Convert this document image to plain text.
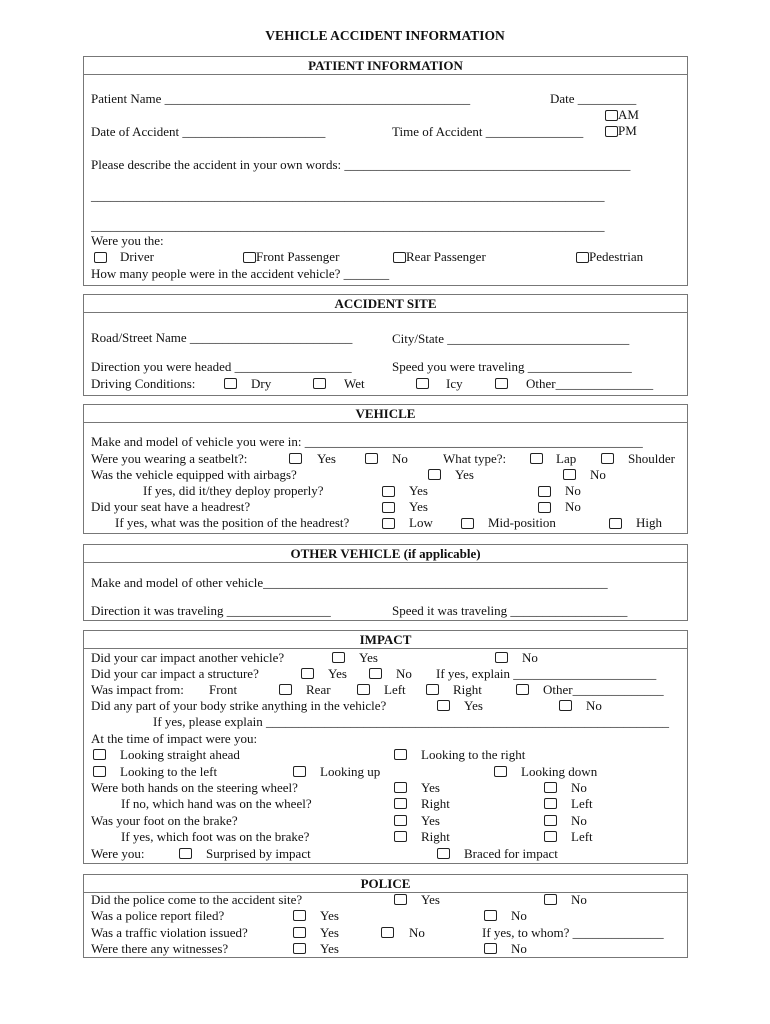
VEHICLE ACCIDENT INFORMATION
PATIENT INFORMATION
Patient Name _______________________________________________	Date _________
AM
Date of Accident ______________________	Time of Accident _______________	PM
Please describe the accident in your own words: ____________________________________________
_______________________________________________________________________________
_______________________________________________________________________________
Were you the:
Driver	Front Passenger	Rear Passenger	Pedestrian
How many people were in the accident vehicle? _______
ACCIDENT SITE
Road/Street Name _________________________	City/State ____________________________
Direction you were headed __________________	Speed you were traveling ________________
Driving Conditions:	Dry	Wet	Icy	Other_______________
VEHICLE
Make and model of vehicle you were in: ____________________________________________________
Were you wearing a seatbelt?:	Yes	No	What type?:	Lap	Shoulder
Was the vehicle equipped with airbags?	Yes	No
If yes, did it/they deploy properly?	Yes	No
Did your seat have a headrest?	Yes	No
If yes, what was the position of the headrest?	Low	Mid-position	High
OTHER VEHICLE (if applicable)
Make and model of other vehicle_____________________________________________________
Direction it was traveling ________________	Speed it was traveling __________________
IMPACT
Did your car impact another vehicle?	Yes	No
Did your car impact a structure?	Yes	No If yes, explain ______________________
Was impact from: Front	Rear	Left	Right	Other______________
Did any part of your body strike anything in the vehicle?	Yes	No
If yes, please explain ______________________________________________________________
At the time of impact were you:
Looking straight ahead	Looking to the right
Looking to the left	Looking up	Looking down
Were both hands on the steering wheel?	Yes	No
If no, which hand was on the wheel?	Right	Left
Was your foot on the brake?	Yes	No
If yes, which foot was on the brake?	Right	Left
Were you:	Surprised by impact	Braced for impact
POLICE
Did the police come to the accident site?	Yes	No
Was a police report filed?	Yes	No
Was a traffic violation issued?	Yes	No	If yes, to whom? ______________
Were there any witnesses?	Yes	No
